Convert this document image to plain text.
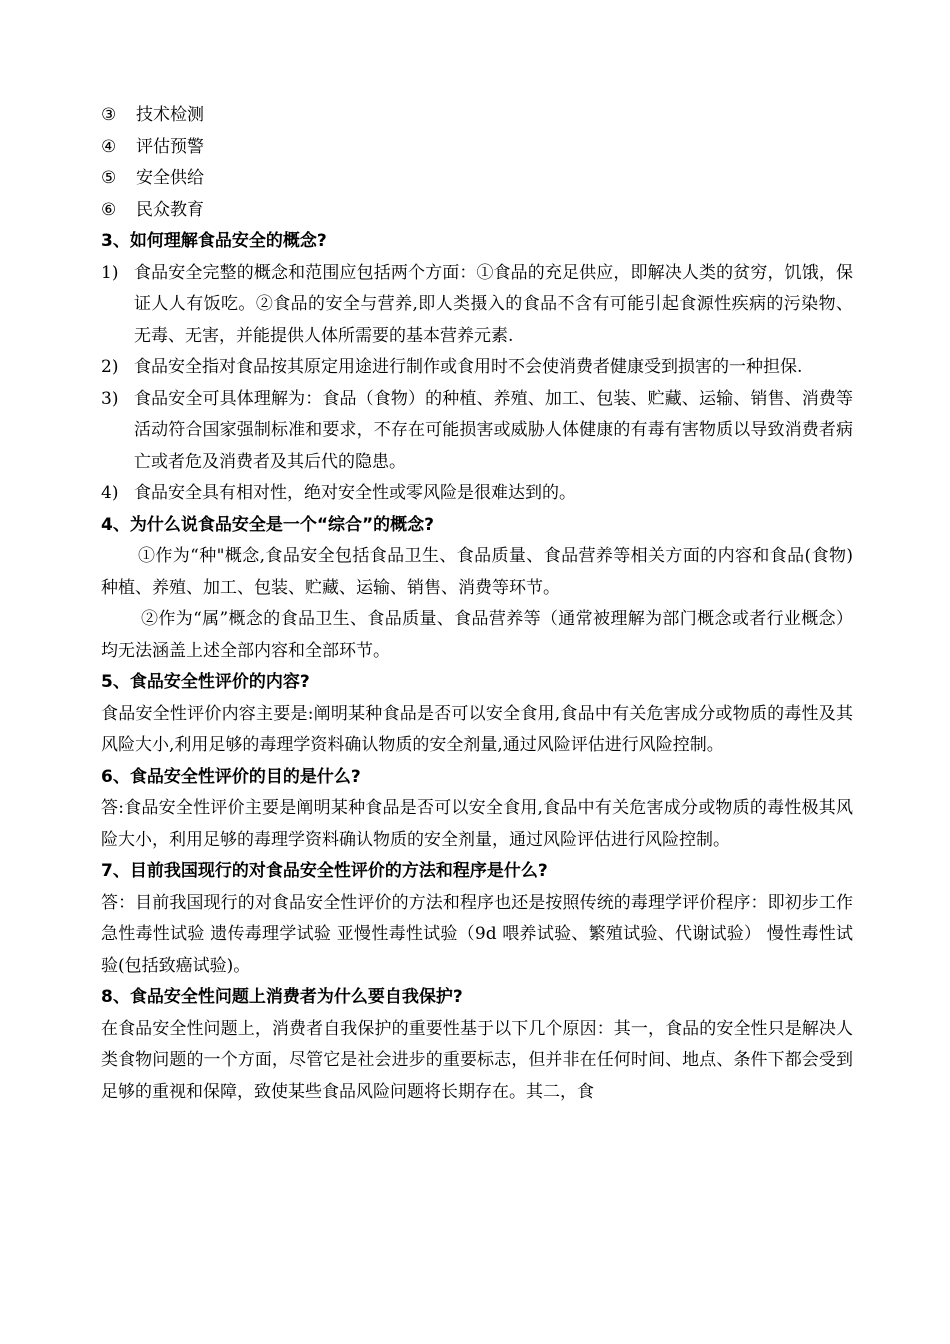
③	技术检测
④	评估预警
⑤	安全供给
⑥	民众教育
3、如何理解食品安全的概念?
1) 食品安全完整的概念和范围应包括两个方面：①食品的充足供应，即解决人类的贫穷，饥饿，保证人人有饭吃。②食品的安全与营养,即人类摄入的食品不含有可能引起食源性疾病的污染物、无毒、无害，并能提供人体所需要的基本营养元素.
2) 食品安全指对食品按其原定用途进行制作或食用时不会使消费者健康受到损害的一种担保.
3) 食品安全可具体理解为：食品（食物）的种植、养殖、加工、包装、贮藏、运输、销售、消费等活动符合国家强制标准和要求，不存在可能损害或威胁人体健康的有毒有害物质以导致消费者病亡或者危及消费者及其后代的隐患。
4) 食品安全具有相对性，绝对安全性或零风险是很难达到的。
4、为什么说食品安全是一个“综合”的概念?
①作为“种"概念,食品安全包括食品卫生、食品质量、食品营养等相关方面的内容和食品(食物)种植、养殖、加工、包装、贮藏、运输、销售、消费等环节。
②作为“属”概念的食品卫生、食品质量、食品营养等（通常被理解为部门概念或者行业概念）均无法涵盖上述全部内容和全部环节。
5、食品安全性评价的内容?
食品安全性评价内容主要是:阐明某种食品是否可以安全食用,食品中有关危害成分或物质的毒性及其风险大小,利用足够的毒理学资料确认物质的安全剂量,通过风险评估进行风险控制。
6、食品安全性评价的目的是什么?
答:食品安全性评价主要是阐明某种食品是否可以安全食用,食品中有关危害成分或物质的毒性极其风险大小，利用足够的毒理学资料确认物质的安全剂量，通过风险评估进行风险控制。
7、目前我国现行的对食品安全性评价的方法和程序是什么?
答：目前我国现行的对食品安全性评价的方法和程序也还是按照传统的毒理学评价程序：即初步工作 急性毒性试验 遗传毒理学试验 亚慢性毒性试验（9d 喂养试验、繁殖试验、代谢试验） 慢性毒性试验(包括致癌试验)。
8、食品安全性问题上消费者为什么要自我保护?
在食品安全性问题上，消费者自我保护的重要性基于以下几个原因：其一，食品的安全性只是解决人类食物问题的一个方面，尽管它是社会进步的重要标志，但并非在任何时间、地点、条件下都会受到足够的重视和保障，致使某些食品风险问题将长期存在。其二，食
